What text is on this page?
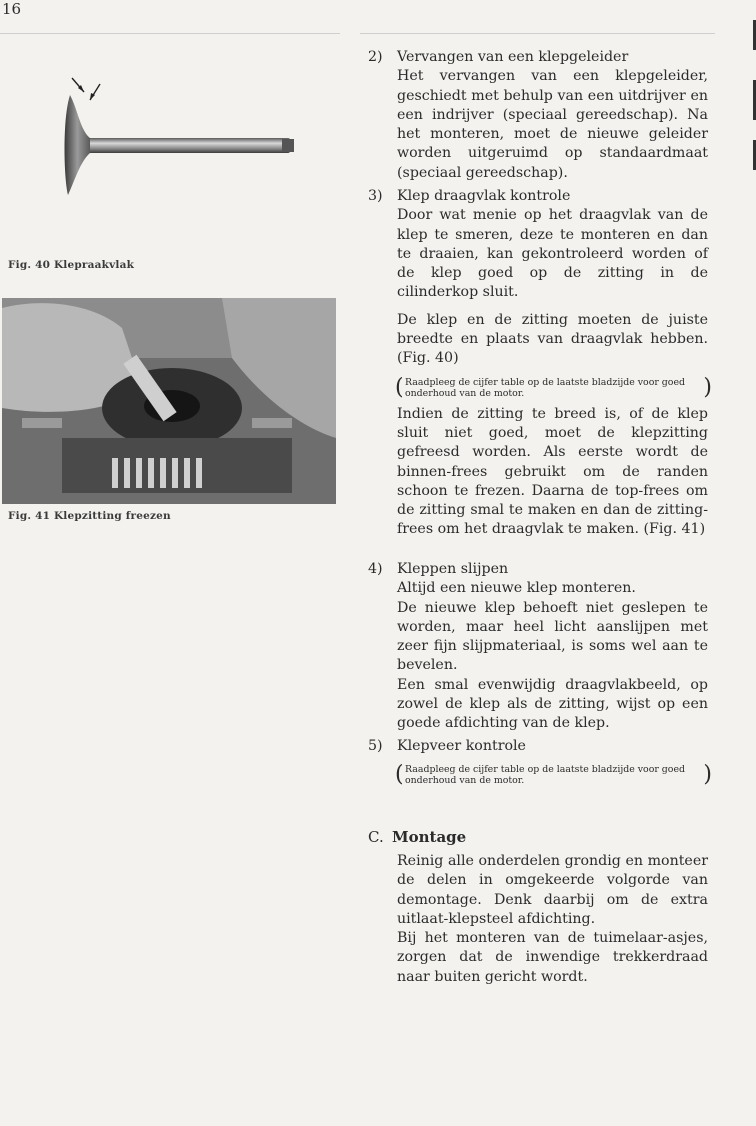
16
Fig. 40 Klepraakvlak
Fig. 41 Klepzitting freezen
2)	Vervangen van een klepgeleider

Het vervangen van een klepgeleider, geschiedt met behulp van een uitdrijver en een indrijver (speciaal gereedschap). Na het monteren, moet de nieuwe geleider worden uitgeruimd op standaardmaat (speciaal gereedschap).

3)	Klep draagvlak kontrole

Door wat menie op het draagvlak van de klep te smeren, deze te monteren en dan te draaien, kan gekontroleerd worden of de klep goed op de zitting in de cilinderkop sluit.

De klep en de zitting moeten de juiste breedte en plaats van draagvlak hebben. (Fig. 40)

( Raadpleeg de cijfer table op de laatste bladzijde voor goed onderhoud van de motor.	)

Indien de zitting te breed is, of de klep sluit niet goed, moet de klepzitting gefreesd worden. Als eerste wordt de binnen-frees gebruikt om de randen schoon te frezen. Daarna de top-frees om de zitting smal te maken en dan de zitting-frees om het draagvlak te maken. (Fig. 41)

4)	Kleppen slijpen

Altijd een nieuwe klep monteren.

De nieuwe klep behoeft niet geslepen te worden, maar heel licht aanslijpen met zeer fijn slijpmateriaal, is soms wel aan te bevelen.

Een smal evenwijdig draagvlakbeeld, op zowel de klep als de zitting, wijst op een goede afdichting van de klep.

5)	Klepveer kontrole

( Raadpleeg de cijfer table op de laatste bladzijde voor goed onderhoud van de motor.	)
C. Montage

Reinig alle onderdelen grondig en monteer de delen in omgekeerde volgorde van demontage. Denk daarbij om de extra uitlaat-klepsteel afdichting.

Bij het monteren van de tuimelaar-asjes, zorgen dat de inwendige trekkerdraad naar buiten gericht wordt.
